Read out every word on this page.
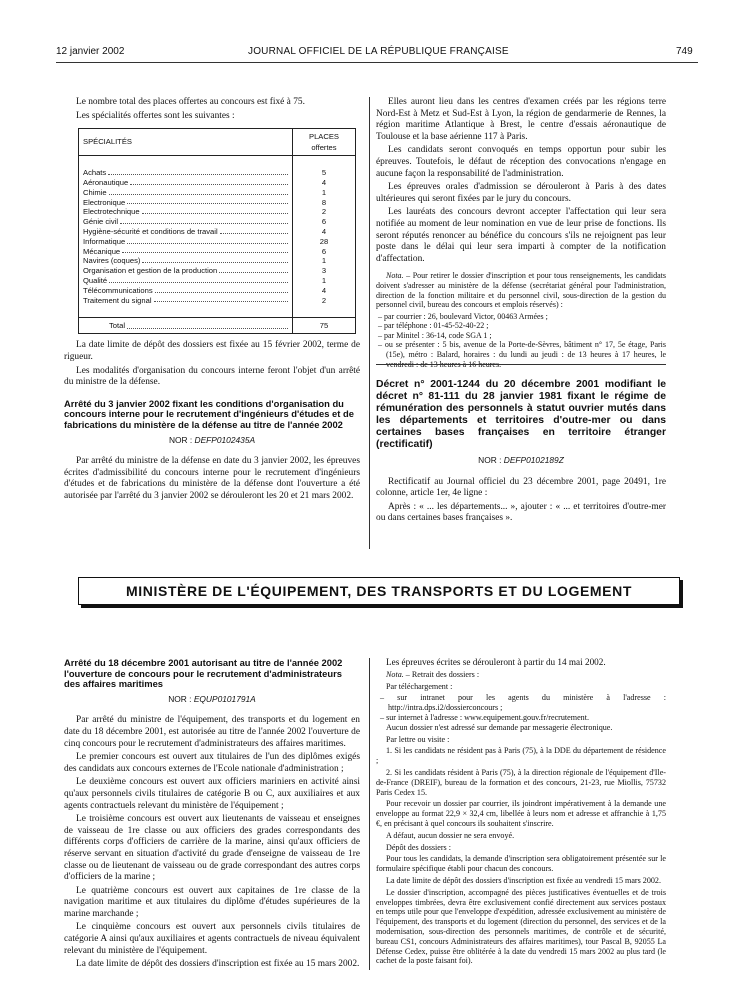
12 janvier 2002	JOURNAL OFFICIEL DE LA RÉPUBLIQUE FRANÇAISE	749

Le nombre total des places offertes au concours est fixé à 75.

Les spécialités offertes sont les suivantes :

SPÉCIALITÉS	PLACES
offertes

Achats	5

Aéronautique	4

Chimie	1

Electronique	8

Electrotechnique	2

Génie civil	6

Hygiène-sécurité et conditions de travail	4

Informatique	28

Mécanique	6

Navires (coques)	1

Organisation et gestion de la production	3

Qualité	1

Télécommunications	4

Traitement du signal	2

Total	75

La date limite de dépôt des dossiers est fixée au 15 février 2002, terme de rigueur.

Les modalités d'organisation du concours interne feront l'objet d'un arrêté du ministre de la défense.

Arrêté du 3 janvier 2002 fixant les conditions d'organisation du concours interne pour le recrutement d'ingénieurs d'études et de fabrications du ministère de la défense au titre de l'année 2002
NOR : DEFP0102435A

Par arrêté du ministre de la défense en date du 3 janvier 2002, les épreuves écrites d'admissibilité du concours interne pour le recrutement d'ingénieurs d'études et de fabrications du ministère de la défense dont l'ouverture a été autorisée par l'arrêté du 3 janvier 2002 se dérouleront les 20 et 21 mars 2002.

Elles auront lieu dans les centres d'examen créés par les régions terre Nord-Est à Metz et Sud-Est à Lyon, la région de gendarmerie de Rennes, la région maritime Atlantique à Brest, le centre d'essais aéronautique de Toulouse et la base aérienne 117 à Paris.

Les candidats seront convoqués en temps opportun pour subir les épreuves. Toutefois, le défaut de réception des convocations n'engage en aucune façon la responsabilité de l'administration.

Les épreuves orales d'admission se dérouleront à Paris à des dates ultérieures qui seront fixées par le jury du concours.

Les lauréats des concours devront accepter l'affectation qui leur sera notifiée au moment de leur nomination en vue de leur prise de fonctions. Ils seront réputés renoncer au bénéfice du concours s'ils ne rejoignent pas leur poste dans le délai qui leur sera imparti à compter de la notification d'affectation.

Nota. – Pour retirer le dossier d'inscription et pour tous renseignements, les candidats doivent s'adresser au ministère de la défense (secrétariat général pour l'administration, direction de la fonction militaire et du personnel civil, sous-direction de la gestion du personnel civil, bureau des concours et emplois réservés) :

– par courrier : 26, boulevard Victor, 00463 Armées ;

– par téléphone : 01-45-52-40-22 ;

– par Minitel : 36-14, code SGA 1 ;

– ou se présenter : 5 bis, avenue de la Porte-de-Sèvres, bâtiment n° 17, 5e étage, Paris (15e), métro : Balard, horaires : du lundi au jeudi : de 13 heures à 17 heures, le vendredi : de 13 heures à 16 heures.

Décret n° 2001-1244 du 20 décembre 2001 modifiant le décret n° 81-111 du 28 janvier 1981 fixant le régime de rémunération des personnels à statut ouvrier mutés dans les départements et territoires d'outre-mer ou dans certaines bases françaises en territoire étranger (rectificatif)
NOR : DEFP0102189Z

Rectificatif au Journal officiel du 23 décembre 2001, page 20491, 1re colonne, article 1er, 4e ligne :

Après : « ... les départements... », ajouter : « ... et territoires d'outre-mer ou dans certaines bases françaises ».

MINISTÈRE DE L'ÉQUIPEMENT, DES TRANSPORTS ET DU LOGEMENT
Arrêté du 18 décembre 2001 autorisant au titre de l'année 2002 l'ouverture de concours pour le recrutement d'administrateurs des affaires maritimes
NOR : EQUP0101791A

Par arrêté du ministre de l'équipement, des transports et du logement en date du 18 décembre 2001, est autorisée au titre de l'année 2002 l'ouverture de cinq concours pour le recrutement d'administrateurs des affaires maritimes.

Le premier concours est ouvert aux titulaires de l'un des diplômes exigés des candidats aux concours externes de l'Ecole nationale d'administration ;

Le deuxième concours est ouvert aux officiers mariniers en activité ainsi qu'aux personnels civils titulaires de catégorie B ou C, aux auxiliaires et aux agents contractuels relevant du ministère de l'équipement ;

Le troisième concours est ouvert aux lieutenants de vaisseau et enseignes de vaisseau de 1re classe ou aux officiers des grades correspondants des différents corps d'officiers de carrière de la marine, ainsi qu'aux officiers de réserve servant en situation d'activité du grade d'enseigne de vaisseau de 1re classe ou de lieutenant de vaisseau ou de grade correspondant des autres corps d'officiers de la marine ;

Le quatrième concours est ouvert aux capitaines de 1re classe de la navigation maritime et aux titulaires du diplôme d'études supérieures de la marine marchande ;

Le cinquième concours est ouvert aux personnels civils titulaires de catégorie A ainsi qu'aux auxiliaires et agents contractuels de niveau équivalent relevant du ministère de l'équipement.

La date limite de dépôt des dossiers d'inscription est fixée au 15 mars 2002.

Les épreuves écrites se dérouleront à partir du 14 mai 2002.

Nota. – Retrait des dossiers :

Par téléchargement :

– sur intranet pour les agents du ministère à l'adresse : http://intra.dps.i2/dossierconcours ;

– sur internet à l'adresse : www.equipement.gouv.fr/recrutement.

Aucun dossier n'est adressé sur demande par messagerie électronique.

Par lettre ou visite :

1. Si les candidats ne résident pas à Paris (75), à la DDE du département de résidence ;

2. Si les candidats résident à Paris (75), à la direction régionale de l'équipement d'Ile-de-France (DREIF), bureau de la formation et des concours, 21-23, rue Miollis, 75732 Paris Cedex 15.

Pour recevoir un dossier par courrier, ils joindront impérativement à la demande une enveloppe au format 22,9 × 32,4 cm, libellée à leurs nom et adresse et affranchie à 1,75 €, en précisant à quel concours ils souhaitent s'inscrire.

A défaut, aucun dossier ne sera envoyé.

Dépôt des dossiers :

Pour tous les candidats, la demande d'inscription sera obligatoirement présentée sur le formulaire spécifique établi pour chacun des concours.

La date limite de dépôt des dossiers d'inscription est fixée au vendredi 15 mars 2002.

Le dossier d'inscription, accompagné des pièces justificatives éventuelles et de trois enveloppes timbrées, devra être exclusivement confié directement aux services postaux en temps utile pour que l'enveloppe d'expédition, adressée exclusivement au ministère de l'équipement, des transports et du logement (direction du personnel, des services et de la modernisation, sous-direction des personnels maritimes, de contrôle et de sécurité, bureau CS1, concours Administrateurs des affaires maritimes), tour Pascal B, 92055 La Défense Cedex, puisse être oblitérée à la date du vendredi 15 mars 2002 au plus tard (le cachet de la poste faisant foi).
